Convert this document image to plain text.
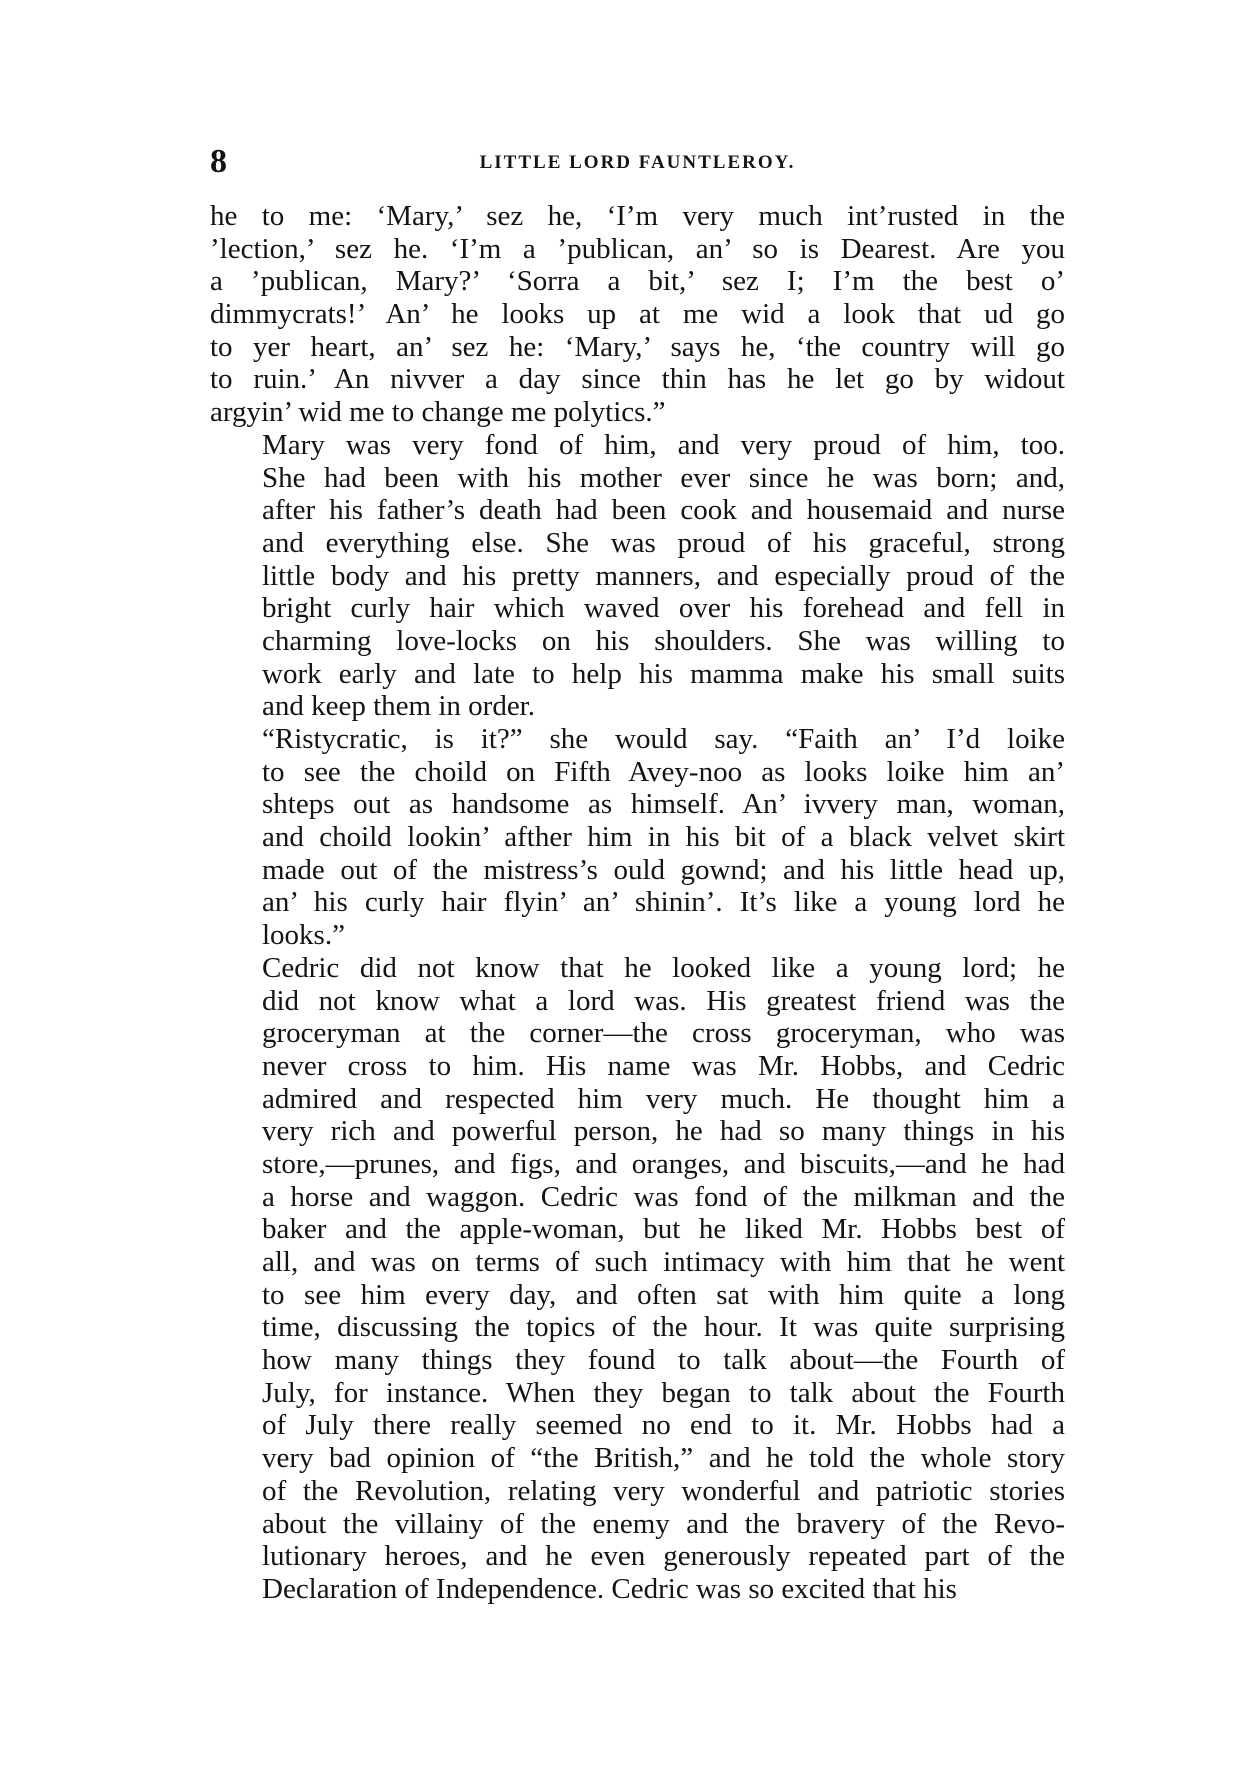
8	LITTLE LORD FAUNTLEROY.

he to me: ‘Mary,’ sez he, ‘I’m very much int’rusted in the
’lection,’ sez he. ‘I’m a ’publican, an’ so is Dearest. Are you
a ’publican, Mary?’ ‘Sorra a bit,’ sez I; I’m the best o’
dimmycrats!’ An’ he looks up at me wid a look that ud go
to yer heart, an’ sez he: ‘Mary,’ says he, ‘the country will go
to ruin.’ An nivver a day since thin has he let go by widout
argyin’ wid me to change me polytics.”

Mary was very fond of him, and very proud of him, too.
She had been with his mother ever since he was born; and,
after his father’s death had been cook and housemaid and nurse
and everything else. She was proud of his graceful, strong
little body and his pretty manners, and especially proud of the
bright curly hair which waved over his forehead and fell in
charming love-locks on his shoulders. She was willing to
work early and late to help his mamma make his small suits
and keep them in order.

“Ristycratic, is it?” she would say. “Faith an’ I’d loike
to see the choild on Fifth Avey-noo as looks loike him an’
shteps out as handsome as himself. An’ ivvery man, woman,
and choild lookin’ afther him in his bit of a black velvet skirt
made out of the mistress’s ould gownd; and his little head up,
an’ his curly hair flyin’ an’ shinin’. It’s like a young lord he
looks.”

Cedric did not know that he looked like a young lord; he
did not know what a lord was. His greatest friend was the
groceryman at the corner—the cross groceryman, who was
never cross to him. His name was Mr. Hobbs, and Cedric
admired and respected him very much. He thought him a
very rich and powerful person, he had so many things in his
store,—prunes, and figs, and oranges, and biscuits,—and he had
a horse and waggon. Cedric was fond of the milkman and the
baker and the apple-woman, but he liked Mr. Hobbs best of
all, and was on terms of such intimacy with him that he went
to see him every day, and often sat with him quite a long
time, discussing the topics of the hour. It was quite surprising
how many things they found to talk about—the Fourth of
July, for instance. When they began to talk about the Fourth
of July there really seemed no end to it. Mr. Hobbs had a
very bad opinion of “the British,” and he told the whole story
of the Revolution, relating very wonderful and patriotic stories
about the villainy of the enemy and the bravery of the Revo-
lutionary heroes, and he even generously repeated part of the
Declaration of Independence. Cedric was so excited that his
